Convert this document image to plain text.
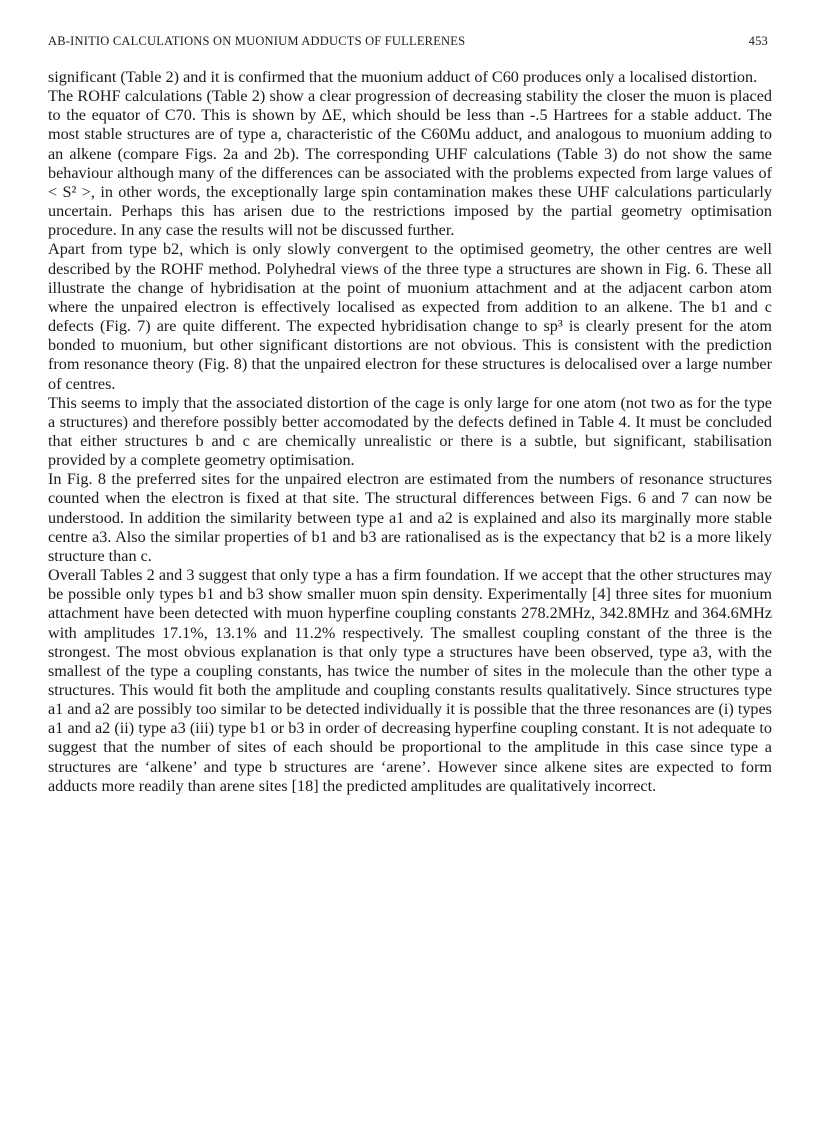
AB-INITIO CALCULATIONS ON MUONIUM ADDUCTS OF FULLERENES	453

significant (Table 2) and it is confirmed that the muonium adduct of C60 produces only a localised distortion.

The ROHF calculations (Table 2) show a clear progression of decreasing stability the closer the muon is placed to the equator of C70. This is shown by ΔE, which should be less than -.5 Hartrees for a stable adduct. The most stable structures are of type a, characteristic of the C60Mu adduct, and analogous to muonium adding to an alkene (compare Figs. 2a and 2b). The corresponding UHF calculations (Table 3) do not show the same behaviour although many of the differences can be associated with the problems expected from large values of < S² >, in other words, the exceptionally large spin contamination makes these UHF calculations particularly uncertain. Perhaps this has arisen due to the restrictions imposed by the partial geometry optimisation procedure. In any case the results will not be discussed further.

Apart from type b2, which is only slowly convergent to the optimised geometry, the other centres are well described by the ROHF method. Polyhedral views of the three type a structures are shown in Fig. 6. These all illustrate the change of hybridisation at the point of muonium attachment and at the adjacent carbon atom where the unpaired electron is effectively localised as expected from addition to an alkene. The b1 and c defects (Fig. 7) are quite different. The expected hybridisation change to sp³ is clearly present for the atom bonded to muonium, but other significant distortions are not obvious. This is consistent with the prediction from resonance theory (Fig. 8) that the unpaired electron for these structures is delocalised over a large number of centres.

This seems to imply that the associated distortion of the cage is only large for one atom (not two as for the type a structures) and therefore possibly better accomodated by the defects defined in Table 4. It must be concluded that either structures b and c are chemically unrealistic or there is a subtle, but significant, stabilisation provided by a complete geometry optimisation.

In Fig. 8 the preferred sites for the unpaired electron are estimated from the numbers of resonance structures counted when the electron is fixed at that site. The structural differences between Figs. 6 and 7 can now be understood. In addition the similarity between type a1 and a2 is explained and also its marginally more stable centre a3. Also the similar properties of b1 and b3 are rationalised as is the expectancy that b2 is a more likely structure than c.

Overall Tables 2 and 3 suggest that only type a has a firm foundation. If we accept that the other structures may be possible only types b1 and b3 show smaller muon spin density. Experimentally [4] three sites for muonium attachment have been detected with muon hyperfine coupling constants 278.2MHz, 342.8MHz and 364.6MHz with amplitudes 17.1%, 13.1% and 11.2% respectively. The smallest coupling constant of the three is the strongest. The most obvious explanation is that only type a structures have been observed, type a3, with the smallest of the type a coupling constants, has twice the number of sites in the molecule than the other type a structures. This would fit both the amplitude and coupling constants results qualitatively. Since structures type a1 and a2 are possibly too similar to be detected individually it is possible that the three resonances are (i) types a1 and a2 (ii) type a3 (iii) type b1 or b3 in order of decreasing hyperfine coupling constant. It is not adequate to suggest that the number of sites of each should be proportional to the amplitude in this case since type a structures are ‘alkene’ and type b structures are ‘arene’. However since alkene sites are expected to form adducts more readily than arene sites [18] the predicted amplitudes are qualitatively incorrect.
